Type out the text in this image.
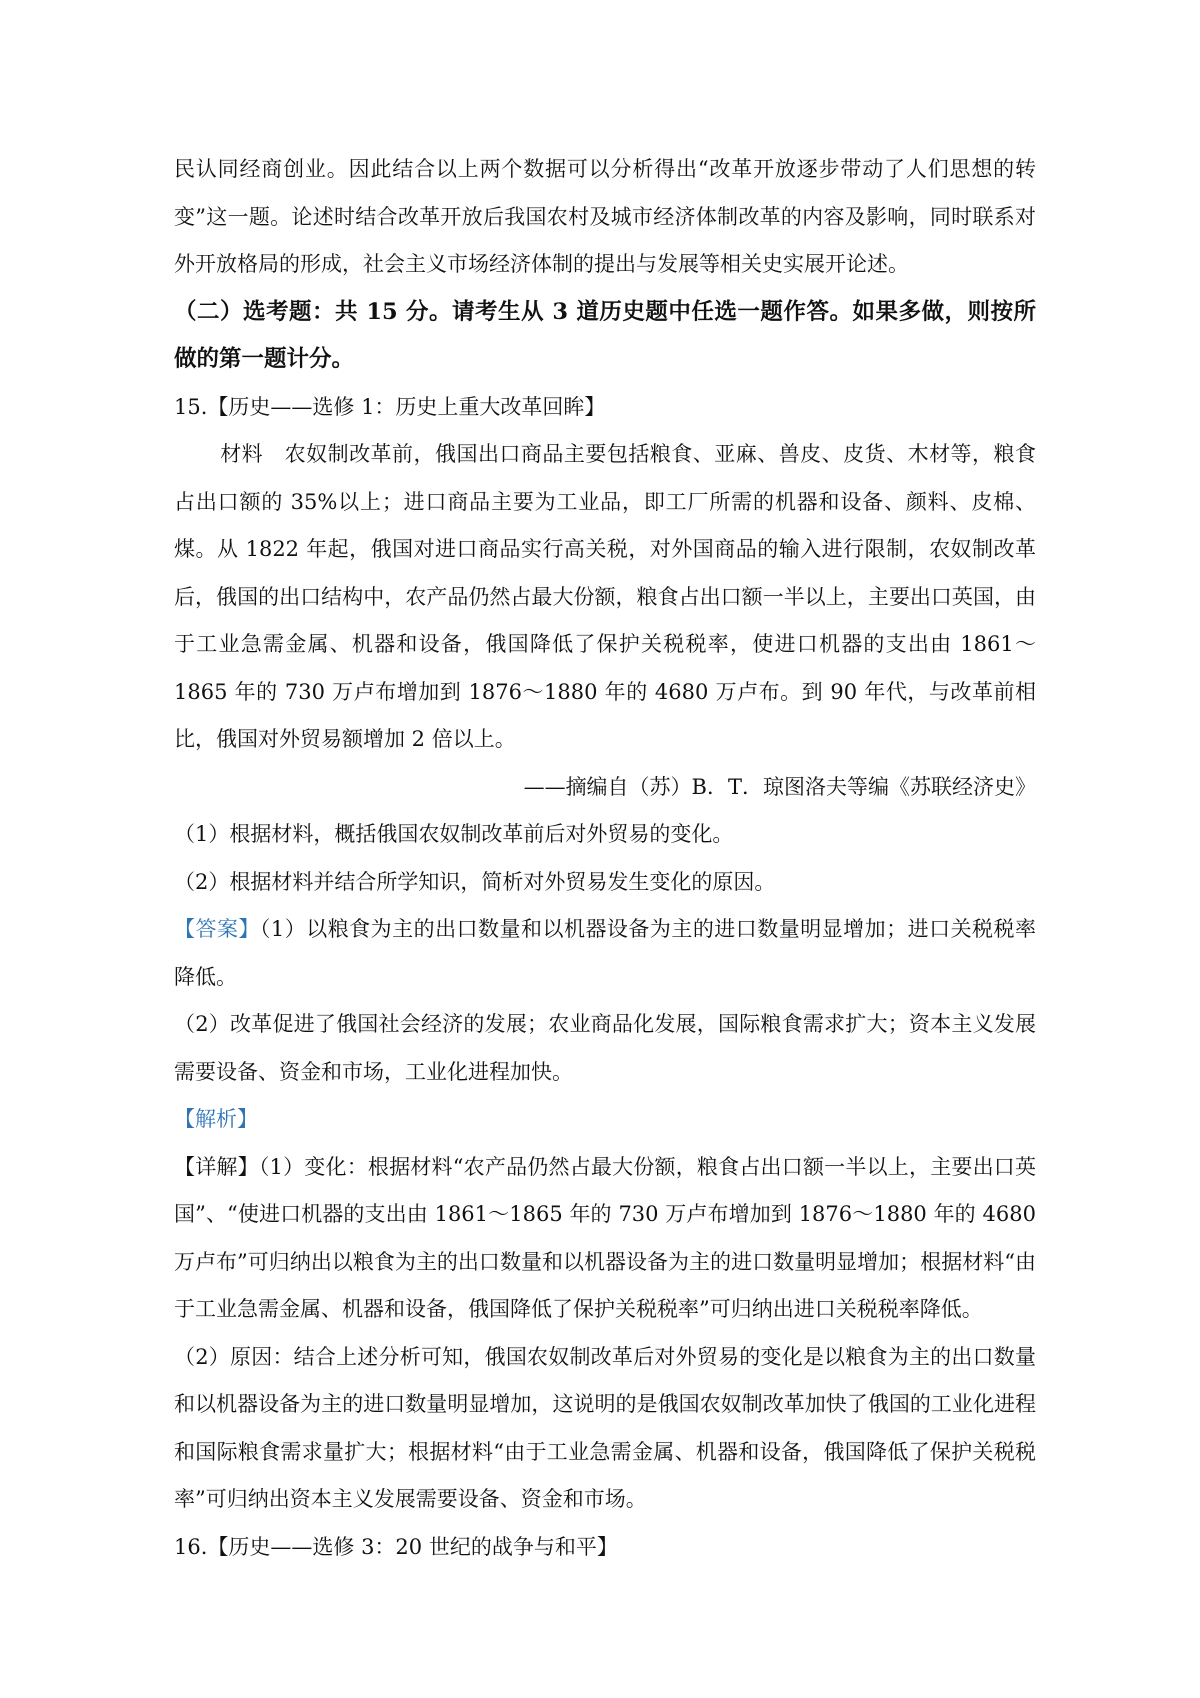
民认同经商创业。因此结合以上两个数据可以分析得出“改革开放逐步带动了人们思想的转变”这一题。论述时结合改革开放后我国农村及城市经济体制改革的内容及影响，同时联系对外开放格局的形成，社会主义市场经济体制的提出与发展等相关史实展开论述。

（二）选考题：共 15 分。请考生从 3 道历史题中任选一题作答。如果多做，则按所做的第一题计分。

15.【历史——选修 1：历史上重大改革回眸】

材料　农奴制改革前，俄国出口商品主要包括粮食、亚麻、兽皮、皮货、木材等，粮食占出口额的 35%以上；进口商品主要为工业品，即工厂所需的机器和设备、颜料、皮棉、煤。从 1822 年起，俄国对进口商品实行高关税，对外国商品的输入进行限制，农奴制改革后，俄国的出口结构中，农产品仍然占最大份额，粮食占出口额一半以上，主要出口英国，由于工业急需金属、机器和设备，俄国降低了保护关税税率，使进口机器的支出由 1861～1865 年的 730 万卢布增加到 1876～1880 年的 4680 万卢布。到 90 年代，与改革前相比，俄国对外贸易额增加 2 倍以上。

——摘编自（苏）B．T．琼图洛夫等编《苏联经济史》

（1）根据材料，概括俄国农奴制改革前后对外贸易的变化。

（2）根据材料并结合所学知识，简析对外贸易发生变化的原因。

【答案】（1）以粮食为主的出口数量和以机器设备为主的进口数量明显增加；进口关税税率降低。

（2）改革促进了俄国社会经济的发展；农业商品化发展，国际粮食需求扩大；资本主义发展需要设备、资金和市场，工业化进程加快。

【解析】

【详解】（1）变化：根据材料“农产品仍然占最大份额，粮食占出口额一半以上，主要出口英国”、“使进口机器的支出由 1861～1865 年的 730 万卢布增加到 1876～1880 年的 4680 万卢布”可归纳出以粮食为主的出口数量和以机器设备为主的进口数量明显增加；根据材料“由于工业急需金属、机器和设备，俄国降低了保护关税税率”可归纳出进口关税税率降低。

（2）原因：结合上述分析可知，俄国农奴制改革后对外贸易的变化是以粮食为主的出口数量和以机器设备为主的进口数量明显增加，这说明的是俄国农奴制改革加快了俄国的工业化进程和国际粮食需求量扩大；根据材料“由于工业急需金属、机器和设备，俄国降低了保护关税税率”可归纳出资本主义发展需要设备、资金和市场。

16.【历史——选修 3：20 世纪的战争与和平】
